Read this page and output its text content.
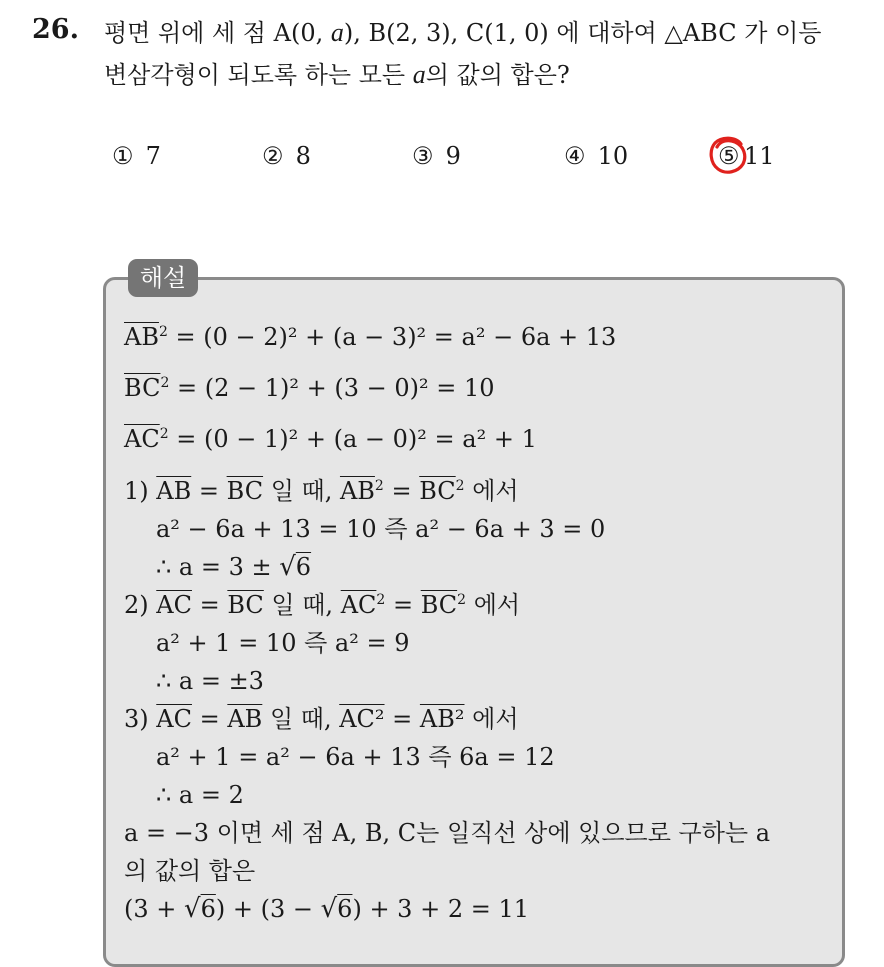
26. 평면 위에 세 점 A(0, a), B(2, 3), C(1, 0) 에 대하여 △ABC 가 이등
변삼각형이 되도록 하는 모든 a의 값의 합은?
① 7	② 8	③ 9	④ 10	⑤ 11
해설
$\overline{AB}^2 = (0 - 2)^2 + (a - 3)^2 = a^2 - 6a + 13$
$\overline{BC}^2 = (2 - 1)^2 + (3 - 0)^2 = 10$
$\overline{AC}^2 = (0 - 1)^2 + (a - 0)^2 = a^2 + 1$
1) $\overline{AB} = \overline{BC}$ 일 때, $\overline{AB}^2 = \overline{BC}^2$ 에서
a² − 6a + 13 = 10 즉 a² − 6a + 3 = 0
∴ a = 3 ± √6
2) $\overline{AC} = \overline{BC}$ 일 때, $\overline{AC}^2 = \overline{BC}^2$ 에서
a² + 1 = 10 즉 a² = 9
∴ a = ±3
3) $\overline{AC} = \overline{AB}$ 일 때, AC² = AB² 에서
a² + 1 = a² − 6a + 13 즉 6a = 12
∴ a = 2
a = −3 이면 세 점 A, B, C는 일직선 상에 있으므로 구하는 a
의 값의 합은
(3 + √6) + (3 − √6) + 3 + 2 = 11
